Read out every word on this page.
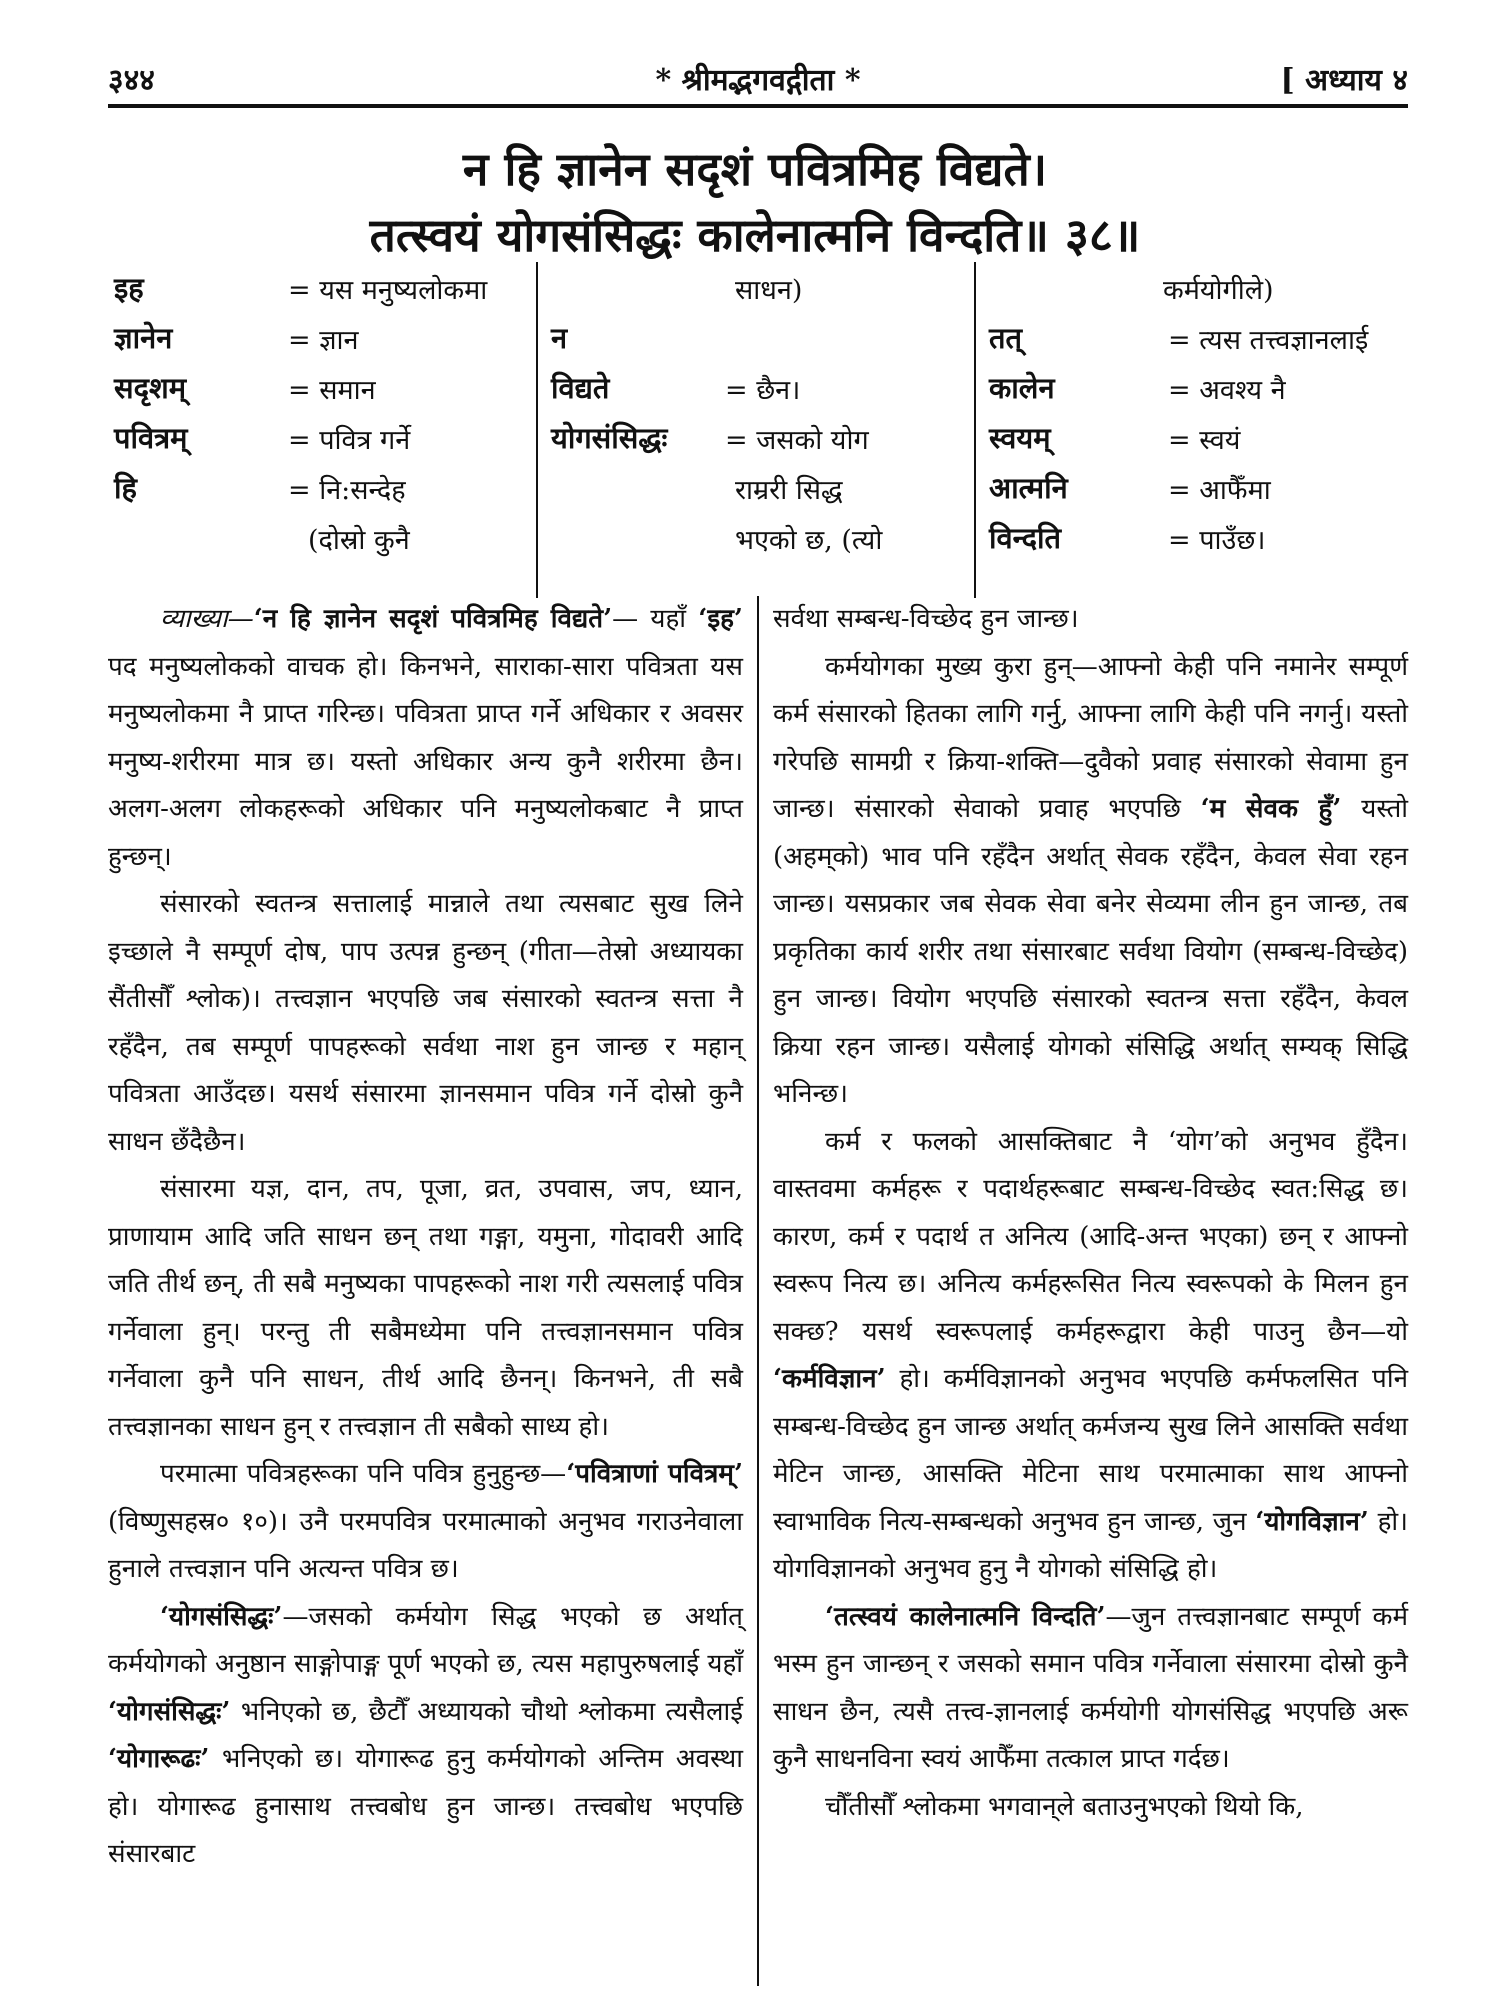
३४४	* श्रीमद्भगवद्गीता *	[ अध्याय ४
न हि ज्ञानेन सदृशं पवित्रमिह विद्यते।
तत्स्वयं योगसंसिद्धः कालेनात्मनि विन्दति॥ ३८॥
इह	= यस मनुष्यलोकमा
ज्ञानेन	= ज्ञान
सदृशम्	= समान
पवित्रम्	= पवित्र गर्ने
हि	= नि:सन्देह
(दोस्रो कुनै
साधन)
न
विद्यते	= छैन।
योगसंसिद्धः = जसको योग
राम्ररी सिद्ध
भएको छ, (त्यो
कर्मयोगीले)
तत्	= त्यस तत्त्वज्ञानलाई
कालेन	= अवश्य नै
स्वयम्	= स्वयं
आत्मनि	= आफैँमा
विन्दति	= पाउँछ।

व्याख्या—‘न हि ज्ञानेन सदृशं पवित्रमिह विद्यते’— यहाँ ‘इह’ पद मनुष्यलोकको वाचक हो। किनभने, साराका-सारा पवित्रता यस मनुष्यलोकमा नै प्राप्त गरिन्छ। पवित्रता प्राप्त गर्ने अधिकार र अवसर मनुष्य-शरीरमा मात्र छ। यस्तो अधिकार अन्य कुनै शरीरमा छैन। अलग-अलग लोकहरूको अधिकार पनि मनुष्यलोकबाट नै प्राप्त हुन्छन्।

संसारको स्वतन्त्र सत्तालाई मान्नाले तथा त्यसबाट सुख लिने इच्छाले नै सम्पूर्ण दोष, पाप उत्पन्न हुन्छन् (गीता—तेस्रो अध्यायका सैंतीसौँ श्लोक)। तत्त्वज्ञान भएपछि जब संसारको स्वतन्त्र सत्ता नै रहँदैन, तब सम्पूर्ण पापहरूको सर्वथा नाश हुन जान्छ र महान् पवित्रता आउँदछ। यसर्थ संसारमा ज्ञानसमान पवित्र गर्ने दोस्रो कुनै साधन छँदैछैन।

संसारमा यज्ञ, दान, तप, पूजा, व्रत, उपवास, जप, ध्यान, प्राणायाम आदि जति साधन छन् तथा गङ्गा, यमुना, गोदावरी आदि जति तीर्थ छन्, ती सबै मनुष्यका पापहरूको नाश गरी त्यसलाई पवित्र गर्नेवाला हुन्। परन्तु ती सबैमध्येमा पनि तत्त्वज्ञानसमान पवित्र गर्नेवाला कुनै पनि साधन, तीर्थ आदि छैनन्। किनभने, ती सबै तत्त्वज्ञानका साधन हुन् र तत्त्वज्ञान ती सबैको साध्य हो।

परमात्मा पवित्रहरूका पनि पवित्र हुनुहुन्छ—‘पवित्राणां पवित्रम्’ (विष्णुसहस्र० १०)। उनै परमपवित्र परमात्माको अनुभव गराउनेवाला हुनाले तत्त्वज्ञान पनि अत्यन्त पवित्र छ।

‘योगसंसिद्धः’—जसको कर्मयोग सिद्ध भएको छ अर्थात् कर्मयोगको अनुष्ठान साङ्गोपाङ्ग पूर्ण भएको छ, त्यस महापुरुषलाई यहाँ ‘योगसंसिद्धः’ भनिएको छ, छैटौँ अध्यायको चौथो श्लोकमा त्यसैलाई ‘योगारूढः’ भनिएको छ। योगारूढ हुनु कर्मयोगको अन्तिम अवस्था हो। योगारूढ हुनासाथ तत्त्वबोध हुन जान्छ। तत्त्वबोध भएपछि संसारबाट

सर्वथा सम्बन्ध-विच्छेद हुन जान्छ।

कर्मयोगका मुख्य कुरा हुन्—आफ्नो केही पनि नमानेर सम्पूर्ण कर्म संसारको हितका लागि गर्नु, आफ्ना लागि केही पनि नगर्नु। यस्तो गरेपछि सामग्री र क्रिया-शक्ति—दुवैको प्रवाह संसारको सेवामा हुन जान्छ। संसारको सेवाको प्रवाह भएपछि ‘म सेवक हुँ’ यस्तो (अहम्‌को) भाव पनि रहँदैन अर्थात् सेवक रहँदैन, केवल सेवा रहन जान्छ। यसप्रकार जब सेवक सेवा बनेर सेव्यमा लीन हुन जान्छ, तब प्रकृतिका कार्य शरीर तथा संसारबाट सर्वथा वियोग (सम्बन्ध-विच्छेद) हुन जान्छ। वियोग भएपछि संसारको स्वतन्त्र सत्ता रहँदैन, केवल क्रिया रहन जान्छ। यसैलाई योगको संसिद्धि अर्थात् सम्यक् सिद्धि भनिन्छ।

कर्म र फलको आसक्तिबाट नै ‘योग’को अनुभव हुँदैन। वास्तवमा कर्महरू र पदार्थहरूबाट सम्बन्ध-विच्छेद स्वत:सिद्ध छ। कारण, कर्म र पदार्थ त अनित्य (आदि-अन्त भएका) छन् र आफ्नो स्वरूप नित्य छ। अनित्य कर्महरूसित नित्य स्वरूपको के मिलन हुन सक्छ? यसर्थ स्वरूपलाई कर्महरूद्वारा केही पाउनु छैन—यो ‘कर्मविज्ञान’ हो। कर्मविज्ञानको अनुभव भएपछि कर्मफलसित पनि सम्बन्ध-विच्छेद हुन जान्छ अर्थात् कर्मजन्य सुख लिने आसक्ति सर्वथा मेटिन जान्छ, आसक्ति मेटिना साथ परमात्माका साथ आफ्नो स्वाभाविक नित्य-सम्बन्धको अनुभव हुन जान्छ, जुन ‘योगविज्ञान’ हो। योगविज्ञानको अनुभव हुनु नै योगको संसिद्धि हो।

‘तत्स्वयं कालेनात्मनि विन्दति’—जुन तत्त्वज्ञानबाट सम्पूर्ण कर्म भस्म हुन जान्छन् र जसको समान पवित्र गर्नेवाला संसारमा दोस्रो कुनै साधन छैन, त्यसै तत्त्व-ज्ञानलाई कर्मयोगी योगसंसिद्ध भएपछि अरू कुनै साधनविना स्वयं आफैँमा तत्काल प्राप्त गर्दछ।

चौँतीसौँ श्लोकमा भगवान्‌ले बताउनुभएको थियो कि,
